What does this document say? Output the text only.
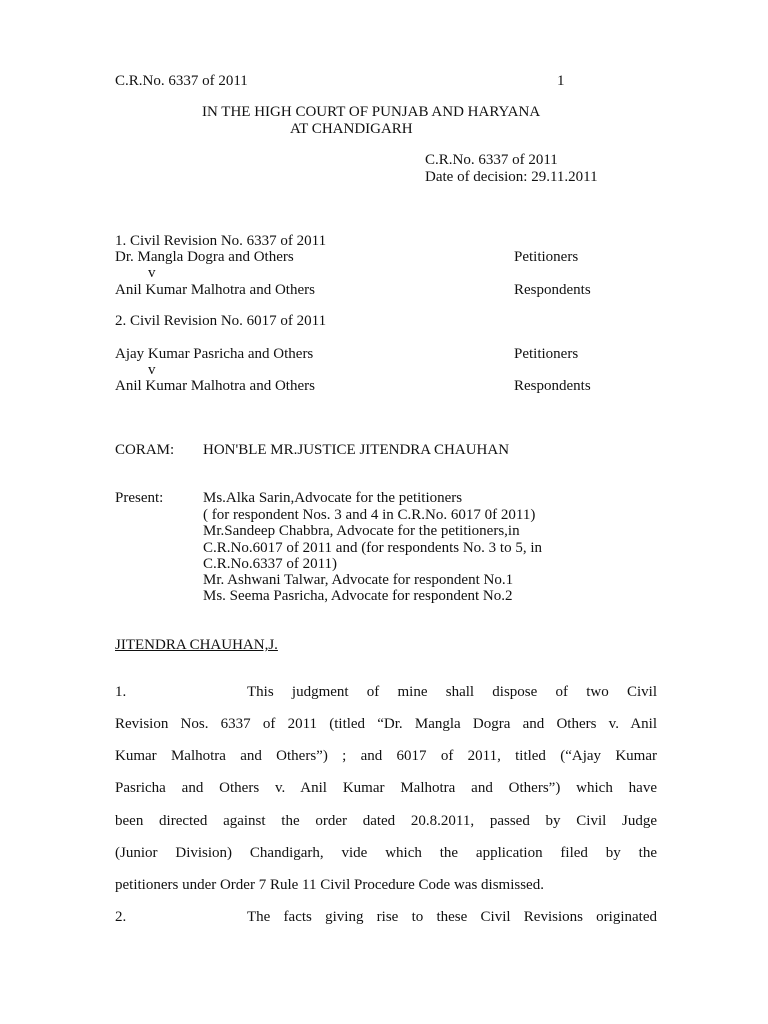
C.R.No. 6337 of 2011	1
IN THE HIGH COURT OF PUNJAB AND HARYANA
AT CHANDIGARH
C.R.No. 6337 of 2011
Date of decision: 29.11.2011
1. Civil Revision No. 6337 of 2011
Dr. Mangla Dogra and Others	Petitioners
v
Anil Kumar Malhotra and Others	Respondents
2. Civil Revision No. 6017 of 2011
Ajay Kumar Pasricha and Others	Petitioners
v
Anil Kumar Malhotra and Others	Respondents
CORAM: HON'BLE MR.JUSTICE JITENDRA CHAUHAN
Present:	Ms.Alka Sarin,Advocate for the petitioners
( for respondent Nos. 3 and 4 in C.R.No. 6017 0f 2011)
Mr.Sandeep Chabbra, Advocate for the petitioners,in
C.R.No.6017 of 2011 and (for respondents No. 3 to 5, in
C.R.No.6337 of 2011)
Mr. Ashwani Talwar, Advocate for respondent No.1
Ms. Seema Pasricha, Advocate for respondent No.2
JITENDRA CHAUHAN,J.
1.	This judgment of mine shall dispose of two Civil
Revision Nos. 6337 of 2011 (titled “Dr. Mangla Dogra and Others v. Anil
Kumar Malhotra and Others”) ; and 6017 of 2011, titled (“Ajay Kumar
Pasricha and Others v. Anil Kumar Malhotra and Others”) which have
been directed against the order dated 20.8.2011, passed by Civil Judge
(Junior Division) Chandigarh, vide which the application filed by the
petitioners under Order 7 Rule 11 Civil Procedure Code was dismissed.
2.	The facts giving rise to these Civil Revisions originated
